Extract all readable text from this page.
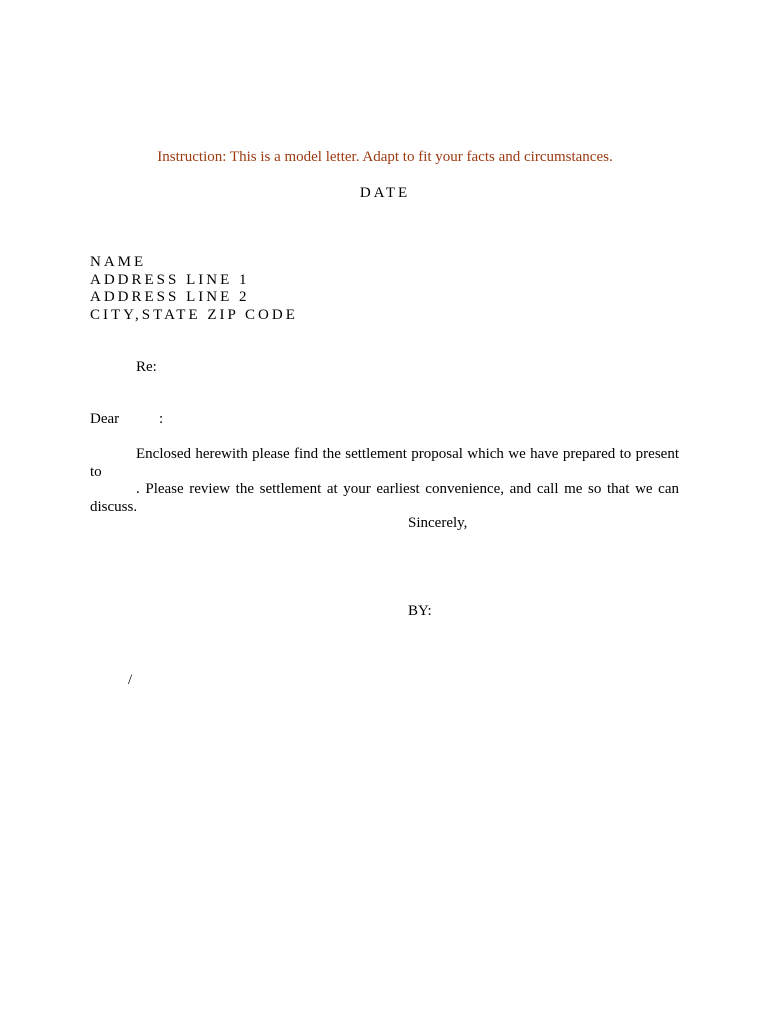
Instruction: This is a model letter. Adapt to fit your facts and circumstances.
DATE
NAME
ADDRESS LINE 1
ADDRESS LINE 2
CITY,STATE ZIP CODE
Re:
Dear	:
Enclosed herewith please find the settlement proposal which we have prepared to present to
. Please review the settlement at your earliest convenience, and call me so that we can
discuss.
Sincerely,
BY:
/
